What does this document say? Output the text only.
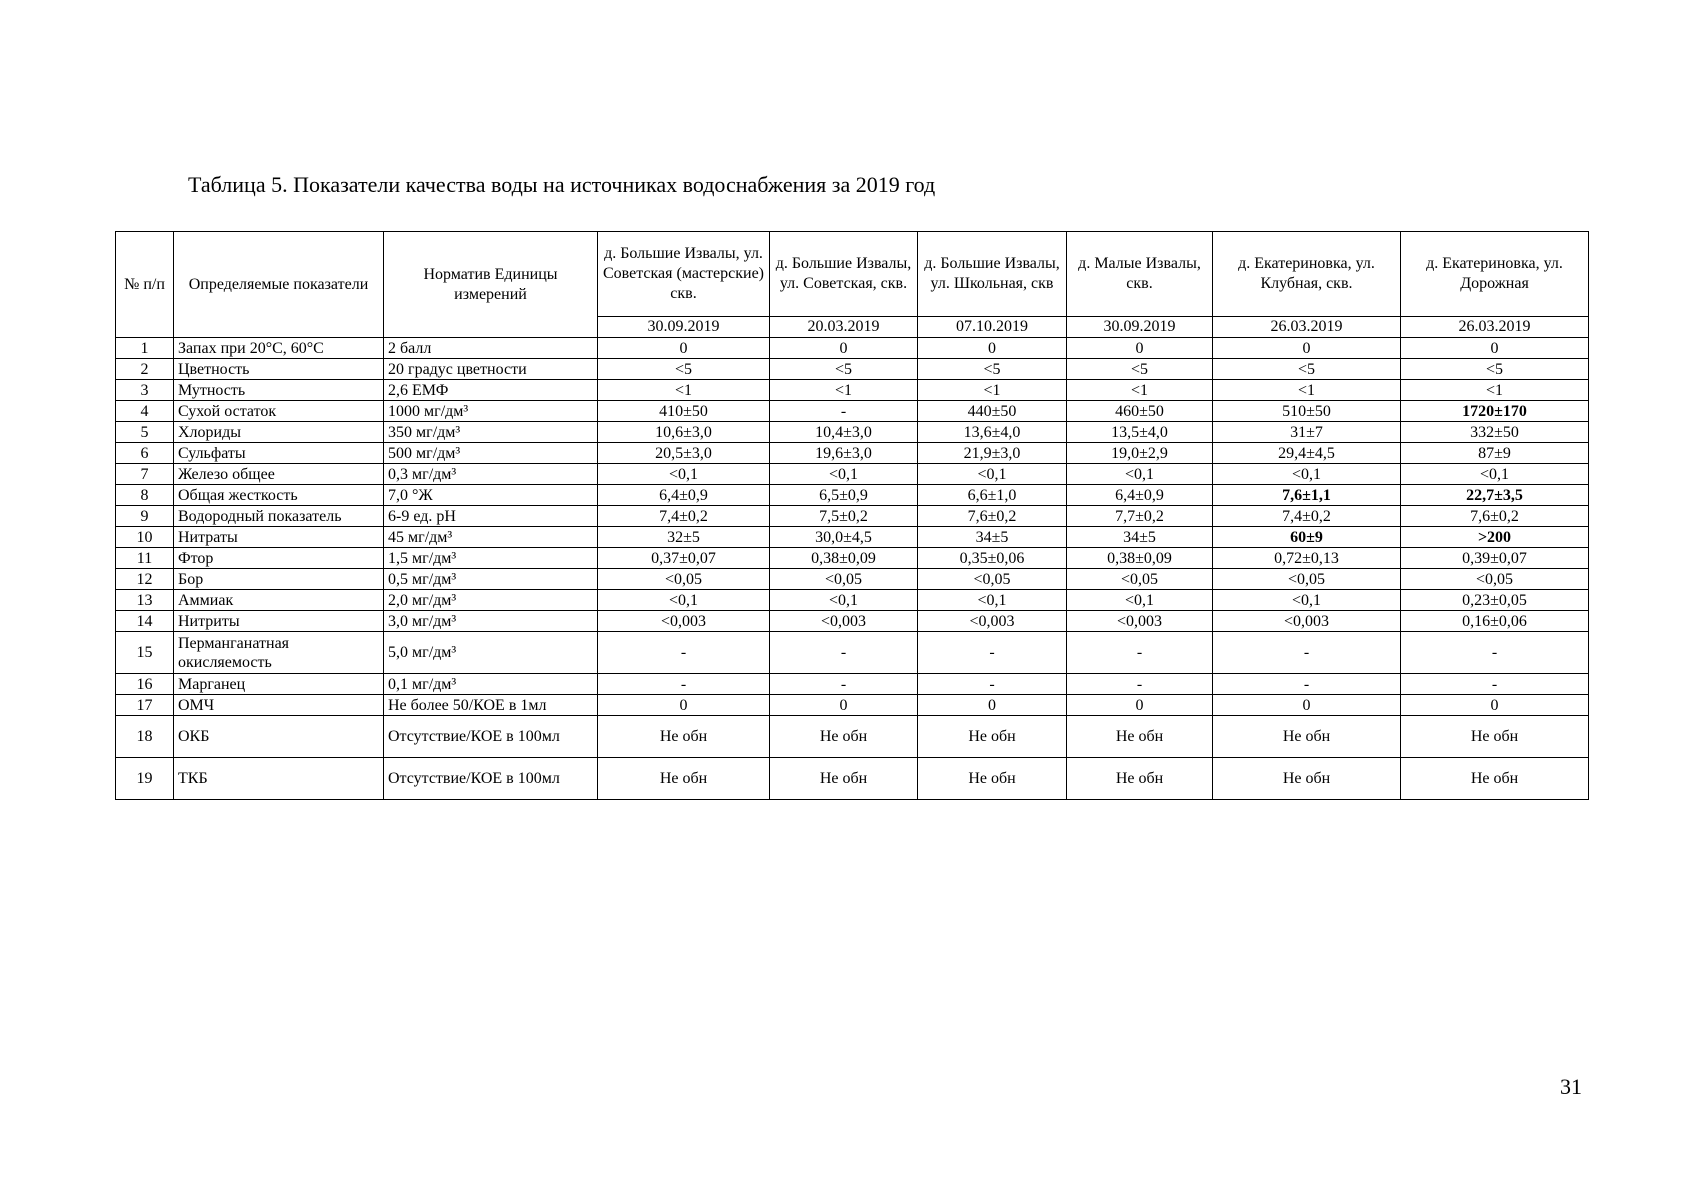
Таблица 5. Показатели качества воды на источниках водоснабжения за 2019 год
№ п/п	Определяемые показатели	Норматив Единицы измерений	д. Большие Извалы, ул. Советская (мастерские) скв.	д. Большие Извалы, ул. Советская, скв.	д. Большие Извалы, ул. Школьная, скв	д. Малые Извалы, скв.	д. Екатериновка, ул. Клубная, скв.	д. Екатериновка, ул. Дорожная
			30.09.2019	20.03.2019	07.10.2019	30.09.2019	26.03.2019	26.03.2019
1	Запах при 20°C, 60°C	2 балл	0	0	0	0	0	0
2	Цветность	20 градус цветности	<5	<5	<5	<5	<5	<5
3	Мутность	2,6 ЕМФ	<1	<1	<1	<1	<1	<1
4	Сухой остаток	1000 мг/дм³	410±50	-	440±50	460±50	510±50	1720±170
5	Хлориды	350 мг/дм³	10,6±3,0	10,4±3,0	13,6±4,0	13,5±4,0	31±7	332±50
6	Сульфаты	500 мг/дм³	20,5±3,0	19,6±3,0	21,9±3,0	19,0±2,9	29,4±4,5	87±9
7	Железо общее	0,3 мг/дм³	<0,1	<0,1	<0,1	<0,1	<0,1	<0,1
8	Общая жесткость	7,0 °Ж	6,4±0,9	6,5±0,9	6,6±1,0	6,4±0,9	7,6±1,1	22,7±3,5
9	Водородный показатель	6-9 ед. pH	7,4±0,2	7,5±0,2	7,6±0,2	7,7±0,2	7,4±0,2	7,6±0,2
10	Нитраты	45 мг/дм³	32±5	30,0±4,5	34±5	34±5	60±9	>200
11	Фтор	1,5 мг/дм³	0,37±0,07	0,38±0,09	0,35±0,06	0,38±0,09	0,72±0,13	0,39±0,07
12	Бор	0,5 мг/дм³	<0,05	<0,05	<0,05	<0,05	<0,05	<0,05
13	Аммиак	2,0 мг/дм³	<0,1	<0,1	<0,1	<0,1	<0,1	0,23±0,05
14	Нитриты	3,0 мг/дм³	<0,003	<0,003	<0,003	<0,003	<0,003	0,16±0,06
15	Перманганатная окисляемость	5,0 мг/дм³	-	-	-	-	-	-
16	Марганец	0,1 мг/дм³	-	-	-	-	-	-
17	ОМЧ	Не более 50/КОЕ в 1мл	0	0	0	0	0	0
18	ОКБ	Отсутствие/КОЕ в 100мл	Не обн	Не обн	Не обн	Не обн	Не обн	Не обн
19	ТКБ	Отсутствие/КОЕ в 100мл	Не обн	Не обн	Не обн	Не обн	Не обн	Не обн
31
